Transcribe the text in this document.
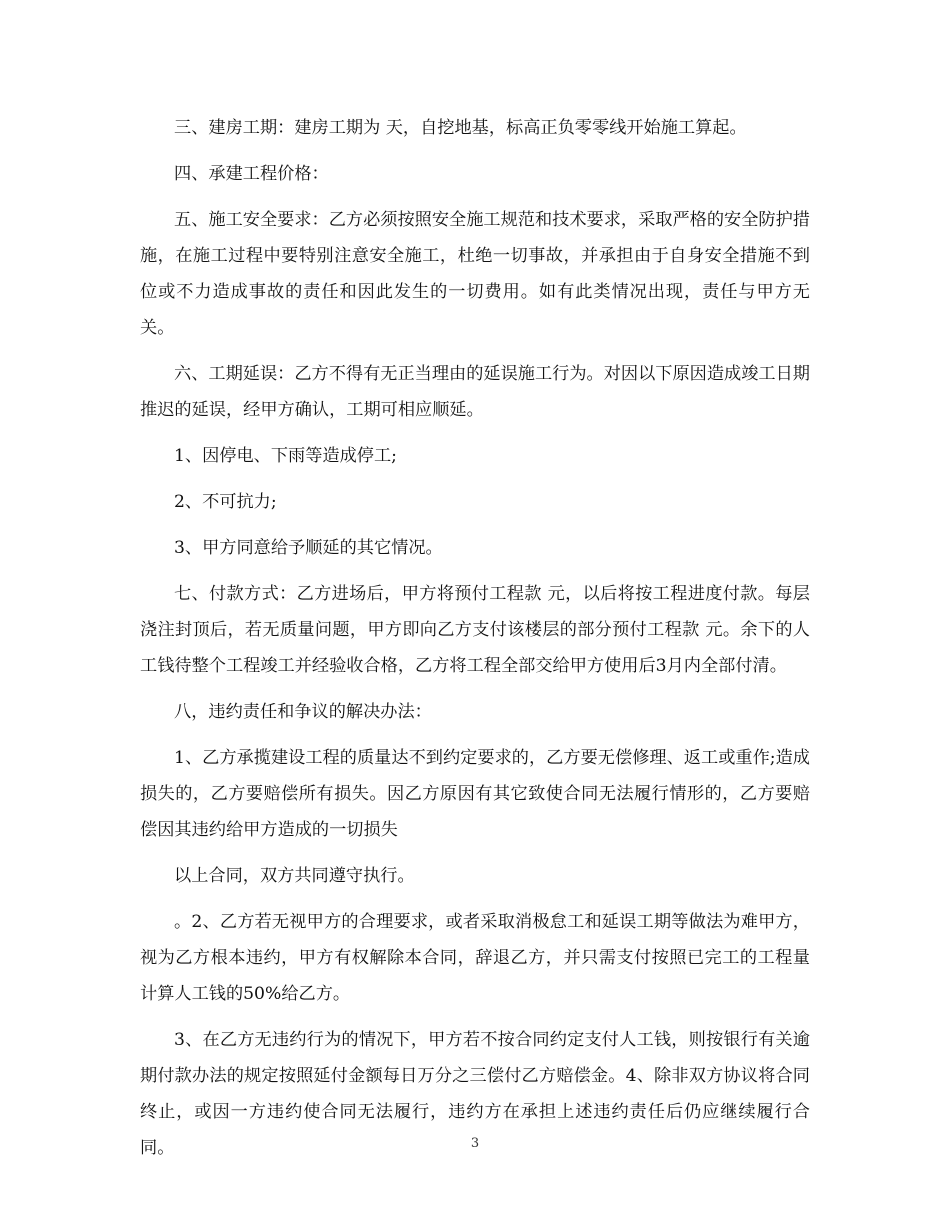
三、建房工期：建房工期为 天，自挖地基，标高正负零零线开始施工算起。

四、承建工程价格：

五、施工安全要求：乙方必须按照安全施工规范和技术要求，采取严格的安全防护措施，在施工过程中要特别注意安全施工，杜绝一切事故，并承担由于自身安全措施不到位或不力造成事故的责任和因此发生的一切费用。如有此类情况出现，责任与甲方无关。

六、工期延误：乙方不得有无正当理由的延误施工行为。对因以下原因造成竣工日期推迟的延误，经甲方确认，工期可相应顺延。

1、因停电、下雨等造成停工;

2、不可抗力;

3、甲方同意给予顺延的其它情况。

七、付款方式：乙方进场后，甲方将预付工程款 元，以后将按工程进度付款。每层浇注封顶后，若无质量问题，甲方即向乙方支付该楼层的部分预付工程款 元。余下的人工钱待整个工程竣工并经验收合格，乙方将工程全部交给甲方使用后3月内全部付清。

八，违约责任和争议的解决办法：

1、乙方承揽建设工程的质量达不到约定要求的，乙方要无偿修理、返工或重作;造成损失的，乙方要赔偿所有损失。因乙方原因有其它致使合同无法履行情形的，乙方要赔偿因其违约给甲方造成的一切损失

以上合同，双方共同遵守执行。

。2、乙方若无视甲方的合理要求，或者采取消极怠工和延误工期等做法为难甲方，视为乙方根本违约，甲方有权解除本合同，辞退乙方，并只需支付按照已完工的工程量计算人工钱的50%给乙方。

3、在乙方无违约行为的情况下，甲方若不按合同约定支付人工钱，则按银行有关逾期付款办法的规定按照延付金额每日万分之三偿付乙方赔偿金。4、除非双方协议将合同终止，或因一方违约使合同无法履行，违约方在承担上述违约责任后仍应继续履行合同。	3
